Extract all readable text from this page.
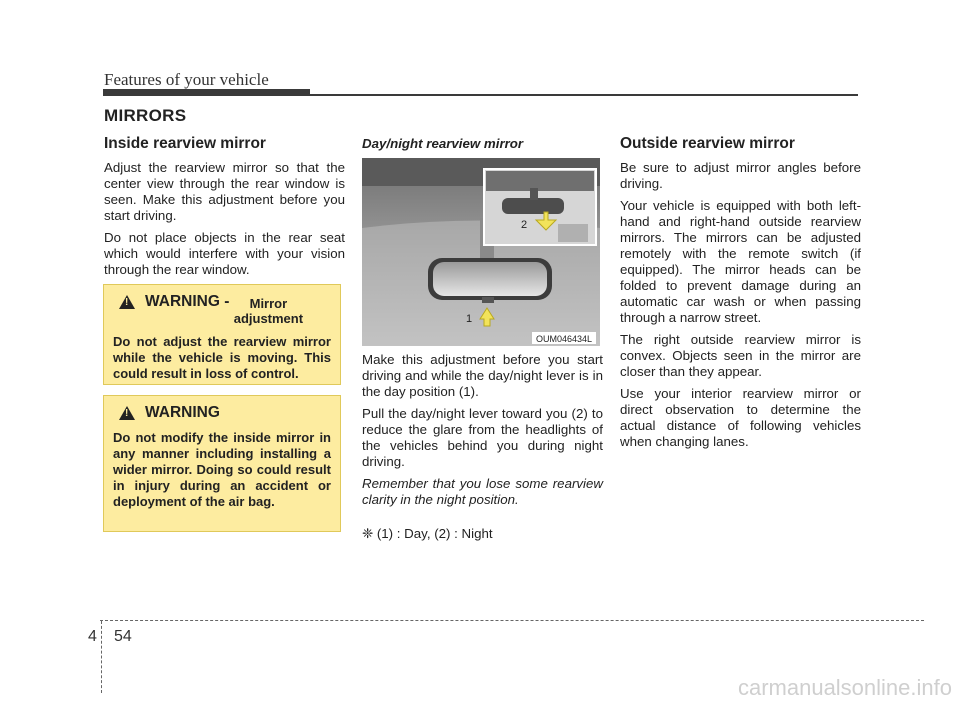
Features of your vehicle
MIRRORS
Inside rearview mirror

Adjust the rearview mirror so that the center view through the rear window is seen. Make this adjustment before you start driving.

Do not place objects in the rear seat which would interfere with your vision through the rear window.

!
WARNING -	Mirror adjustment
Do not adjust the rearview mirror while the vehicle is moving. This could result in loss of control.
!
WARNING
Do not modify the inside mirror in any manner including installing a wider mirror. Doing so could result in injury during an accident or deployment of the air bag.

Day/night rearview mirror

1
2
OUM046434L

Make this adjustment before you start driving and while the day/night lever is in the day position (1).

Pull the day/night lever toward you (2) to reduce the glare from the headlights of the vehicles behind you during night driving.

Remember that you lose some rearview clarity in the night position.

❈ (1) : Day, (2) : Night

Outside rearview mirror

Be sure to adjust mirror angles before driving.

Your vehicle is equipped with both left-hand and right-hand outside rearview mirrors. The mirrors can be adjusted remotely with the remote switch (if equipped). The mirror heads can be folded to prevent damage during an automatic car wash or when passing through a narrow street.

The right outside rearview mirror is convex. Objects seen in the mirror are closer than they appear.

Use your interior rearview mirror or direct observation to determine the actual distance of following vehicles when changing lanes.

4 54
carmanualsonline.info
